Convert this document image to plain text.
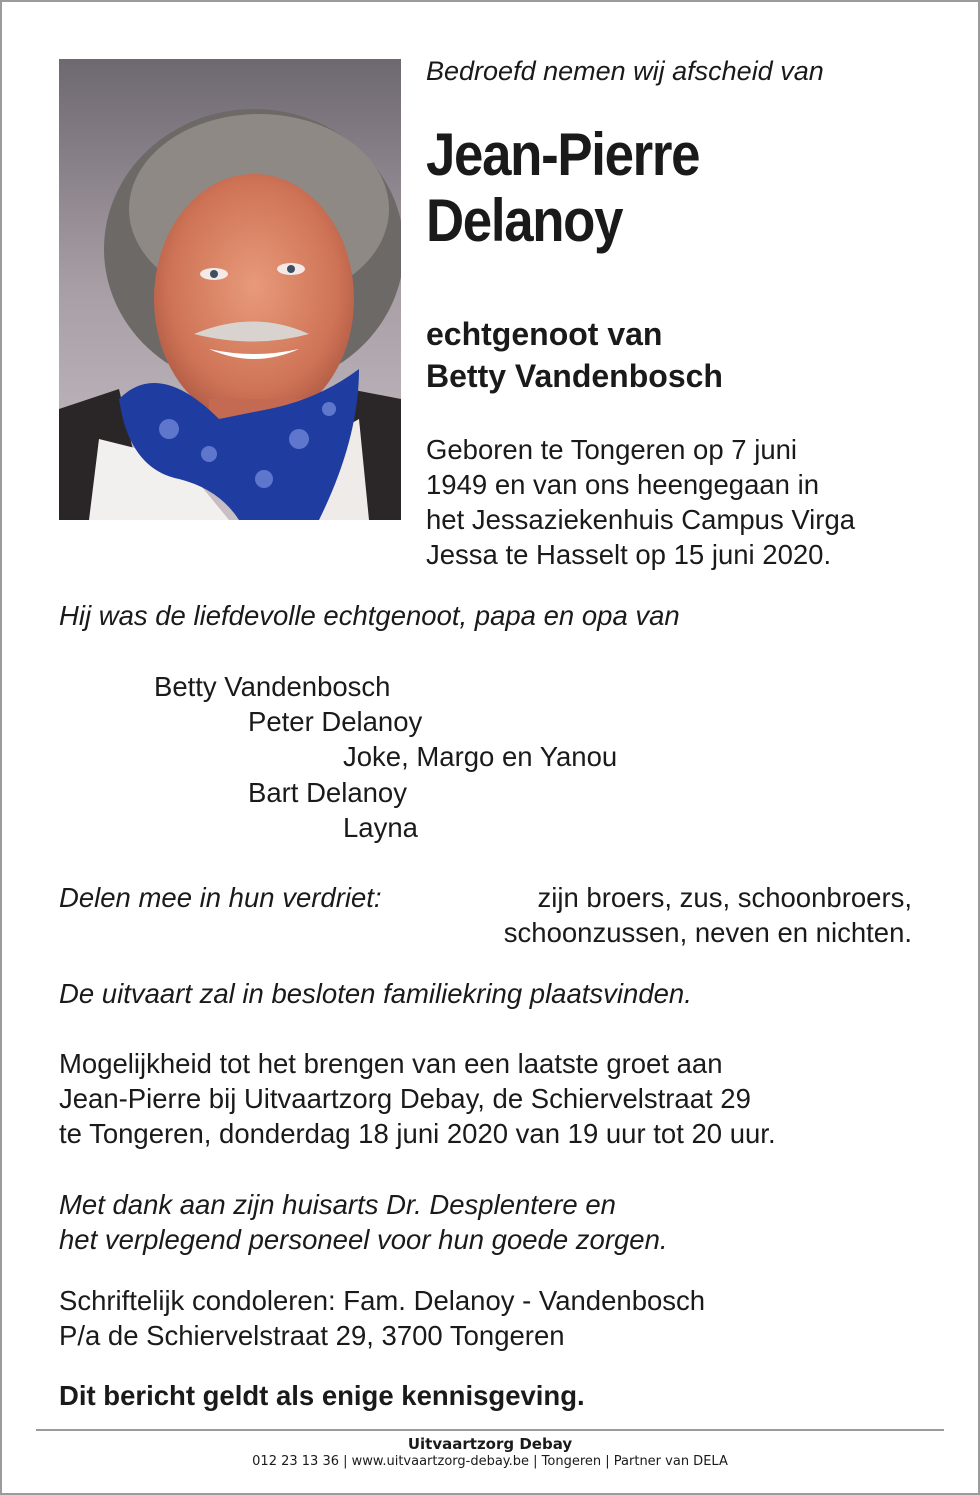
Bedroefd nemen wij afscheid van
Jean-Pierre
Delanoy
echtgenoot van
Betty Vandenbosch
Geboren te Tongeren op 7 juni
1949 en van ons heengegaan in
het Jessaziekenhuis Campus Virga
Jessa te Hasselt op 15 juni 2020.
Hij was de liefdevolle echtgenoot, papa en opa van
Betty Vandenbosch
Peter Delanoy
Joke, Margo en Yanou
Bart Delanoy
Layna
Delen mee in hun verdriet:	zijn broers, zus, schoonbroers,
schoonzussen, neven en nichten.
De uitvaart zal in besloten familiekring plaatsvinden.
Mogelijkheid tot het brengen van een laatste groet aan
Jean-Pierre bij Uitvaartzorg Debay, de Schiervelstraat 29
te Tongeren, donderdag 18 juni 2020 van 19 uur tot 20 uur.
Met dank aan zijn huisarts Dr. Desplentere en
het verplegend personeel voor hun goede zorgen.
Schriftelijk condoleren: Fam. Delanoy - Vandenbosch
P/a de Schiervelstraat 29, 3700 Tongeren
Dit bericht geldt als enige kennisgeving.
Uitvaartzorg Debay
012 23 13 36 | www.uitvaartzorg-debay.be | Tongeren | Partner van DELA
